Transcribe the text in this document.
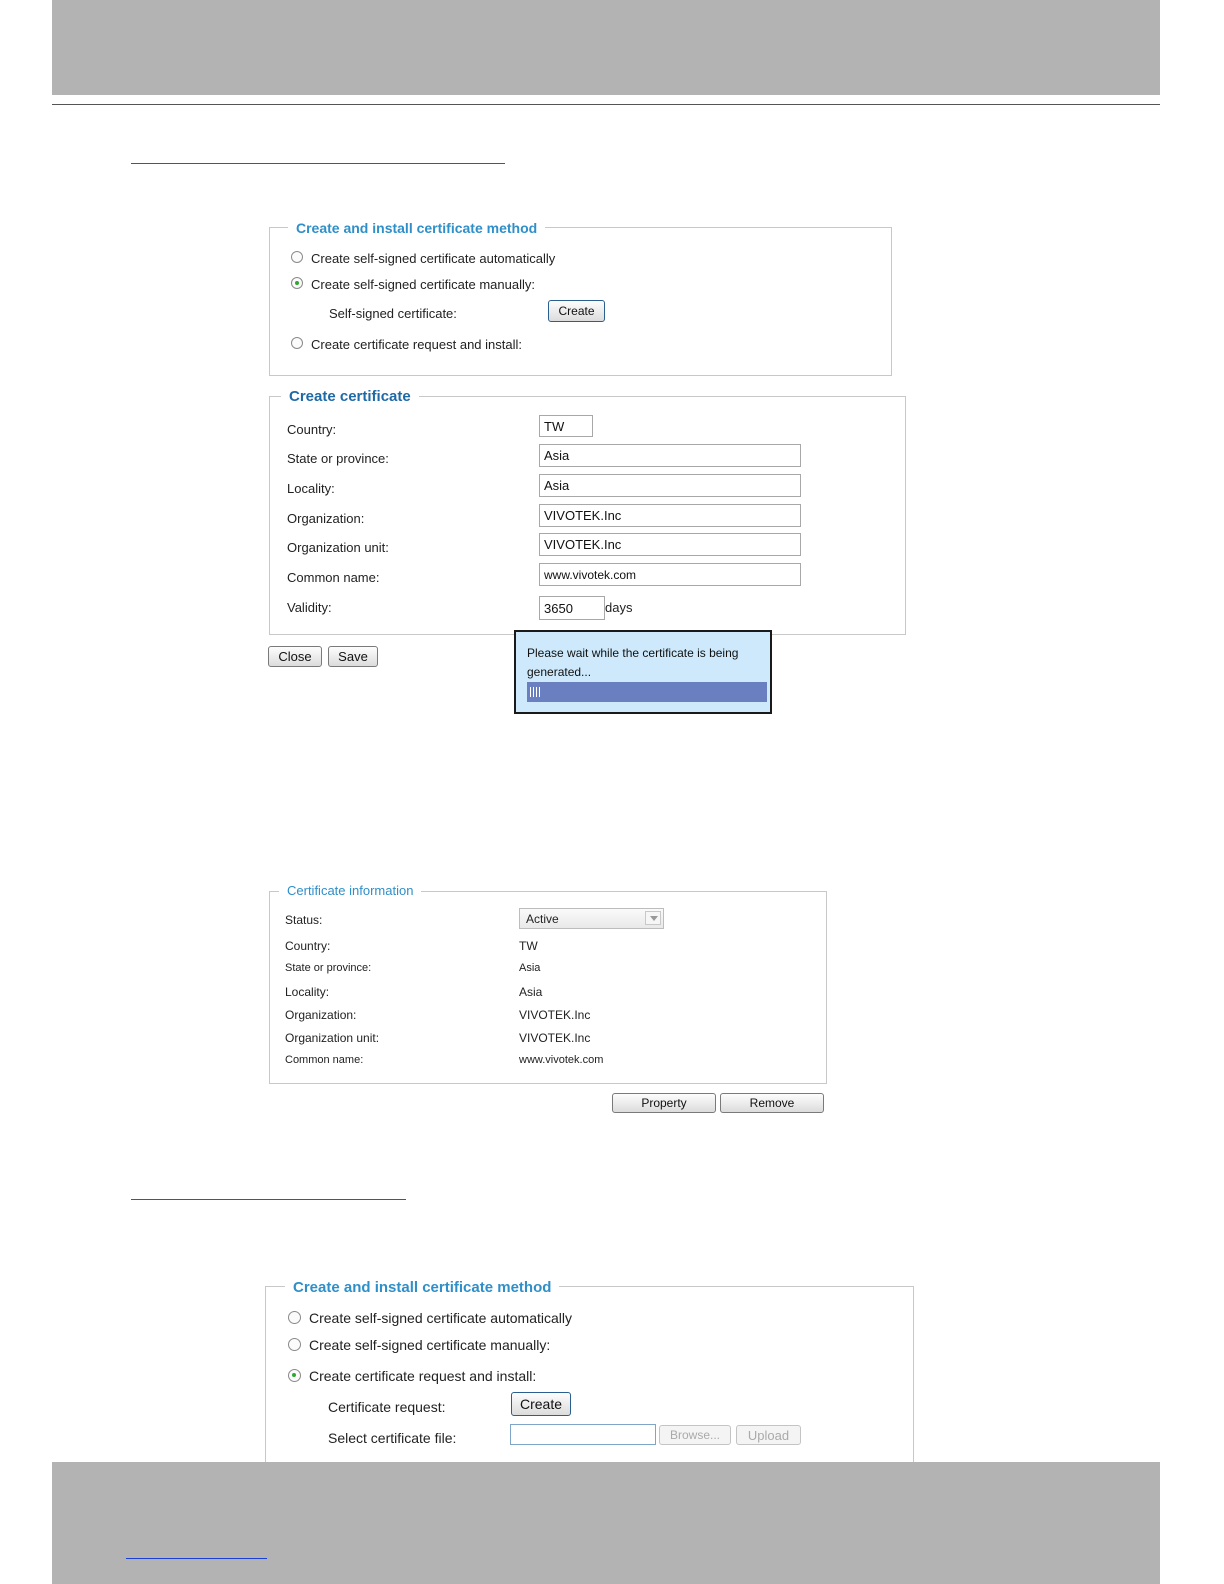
Create and install certificate method
Create self-signed certificate automatically
Create self-signed certificate manually:
Self-signed certificate:	Create
Create certificate request and install:
Create certificate
Country:	TW
State or province:	Asia
Locality:	Asia
Organization:	VIVOTEK.Inc
Organization unit:	VIVOTEK.Inc
Common name:	www.vivotek.com
Validity:	3650	days
Close	Save	Please wait while the certificate is being generated...
Certificate information
Status:	Active
Country:	TW
State or province:	Asia
Locality:	Asia
Organization:	VIVOTEK.Inc
Organization unit:	VIVOTEK.Inc
Common name:	www.vivotek.com
Property	Remove
Create and install certificate method
Create self-signed certificate automatically
Create self-signed certificate manually:
Create certificate request and install:
Certificate request:	Create
Select certificate file:	Browse...	Upload
